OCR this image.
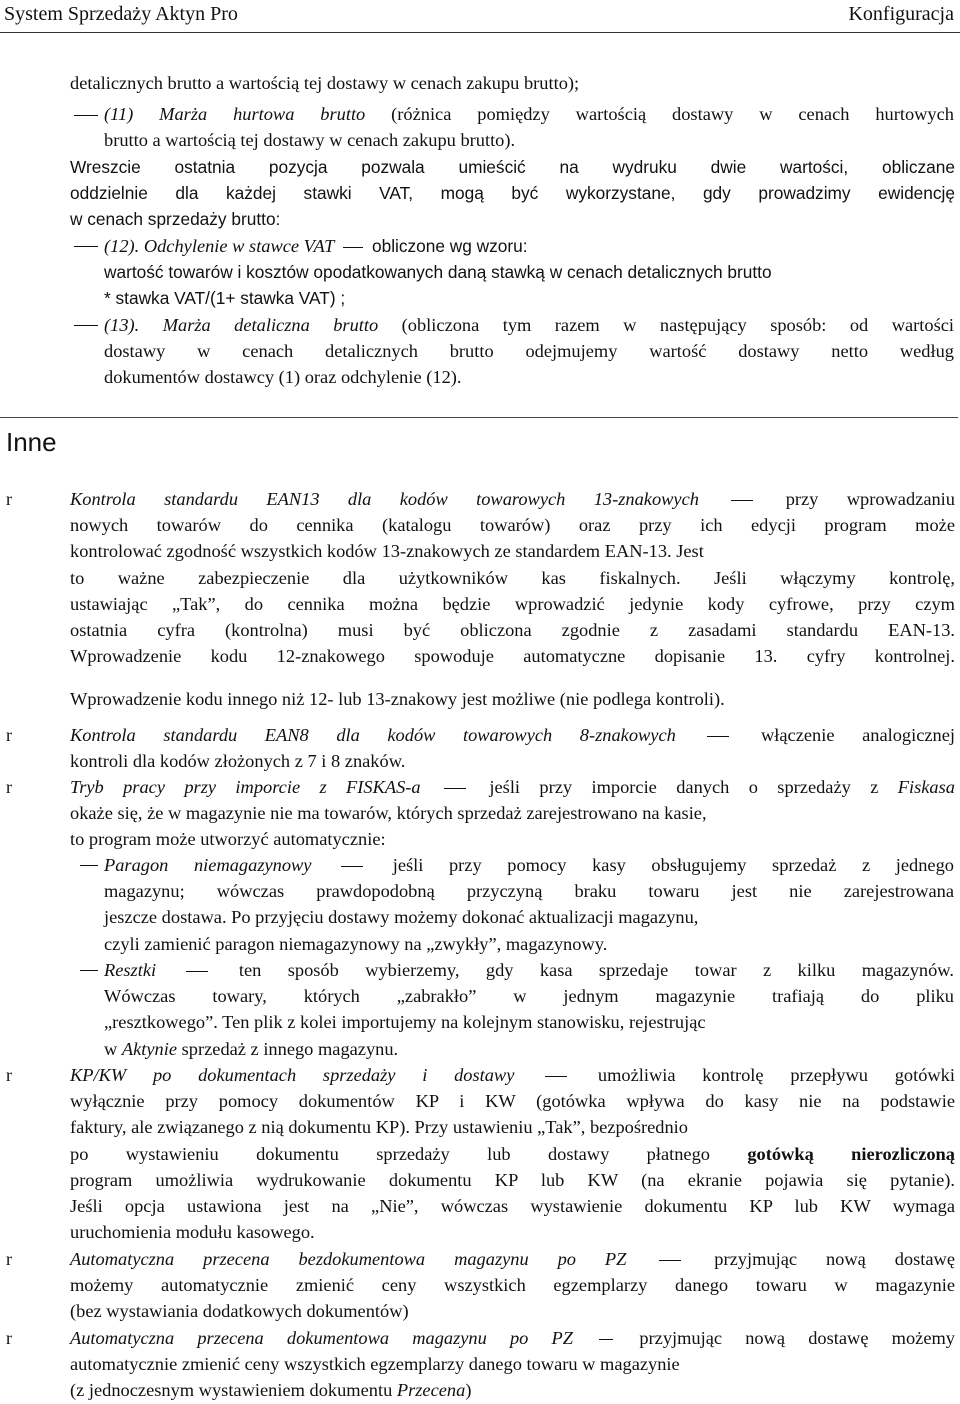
System Sprzedaży Aktyn Pro	Konfiguracja
detalicznych brutto a wartością tej dostawy w cenach zakupu brutto);
(11) Marża hurtowa brutto (różnica pomiędzy wartością dostawy w cenach hurtowych
brutto a wartością tej dostawy w cenach zakupu brutto).
Wreszcie ostatnia pozycja pozwala umieścić na wydruku dwie wartości, obliczane
oddzielnie dla każdej stawki VAT, mogą być wykorzystane, gdy prowadzimy ewidencję
w cenach sprzedaży brutto:
(12). Odchylenie w stawce VAT obliczone wg wzoru:
wartość towarów i kosztów opodatkowanych daną stawką w cenach detalicznych brutto
* stawka VAT/(1+ stawka VAT) ;
(13). Marża detaliczna brutto (obliczona tym razem w następujący sposób: od wartości
dostawy w cenach detalicznych brutto odejmujemy wartość dostawy netto według
dokumentów dostawcy (1) oraz odchylenie (12).
Inne
r	Kontrola standardu EAN13 dla kodów towarowych 13-znakowych	przy wprowadzaniu
nowych towarów do cennika (katalogu towarów) oraz przy ich edycji program może
kontrolować zgodność wszystkich kodów 13-znakowych ze standardem EAN-13. Jest
to ważne zabezpieczenie dla użytkowników kas fiskalnych. Jeśli włączymy kontrolę,
ustawiając „Tak”, do cennika można będzie wprowadzić jedynie kody cyfrowe, przy czym
ostatnia cyfra (kontrolna) musi być obliczona zgodnie z zasadami standardu EAN-13.
Wprowadzenie kodu 12-znakowego spowoduje automatyczne dopisanie 13. cyfry kontrolnej.
Wprowadzenie kodu innego niż 12- lub 13-znakowy jest możliwe (nie podlega kontroli).
r	Kontrola standardu EAN8 dla kodów towarowych 8-znakowych	włączenie analogicznej
kontroli dla kodów złożonych z 7 i 8 znaków.
r	Tryb pracy przy imporcie z FISKAS-a	jeśli przy imporcie danych o sprzedaży z Fiskasa
okaże się, że w magazynie nie ma towarów, których sprzedaż zarejestrowano na kasie,
to program może utworzyć automatycznie:
Paragon niemagazynowy	jeśli przy pomocy kasy obsługujemy sprzedaż z jednego
magazynu; wówczas prawdopodobną przyczyną braku towaru jest nie zarejestrowana
jeszcze dostawa. Po przyjęciu dostawy możemy dokonać aktualizacji magazynu,
czyli zamienić paragon niemagazynowy na „zwykły”, magazynowy.
Resztki	ten sposób wybierzemy, gdy kasa sprzedaje towar z kilku magazynów.
Wówczas towary, których „zabrakło” w jednym magazynie trafiają do pliku
„resztkowego”. Ten plik z kolei importujemy na kolejnym stanowisku, rejestrując
w Aktynie sprzedaż z innego magazynu.
r	KP/KW po dokumentach sprzedaży i dostawy	umożliwia kontrolę przepływu gotówki
wyłącznie przy pomocy dokumentów KP i KW (gotówka wpływa do kasy nie na podstawie
faktury, ale związanego z nią dokumentu KP). Przy ustawieniu „Tak”, bezpośrednio
po wystawieniu dokumentu sprzedaży lub dostawy płatnego gotówką nierozliczoną
program umożliwia wydrukowanie dokumentu KP lub KW (na ekranie pojawia się pytanie).
Jeśli opcja ustawiona jest na „Nie”, wówczas wystawienie dokumentu KP lub KW wymaga
uruchomienia modułu kasowego.
r	Automatyczna przecena bezdokumentowa magazynu po PZ	przyjmując nową dostawę
możemy automatycznie zmienić ceny wszystkich egzemplarzy danego towaru w magazynie
(bez wystawiania dodatkowych dokumentów)
r	Automatyczna przecena dokumentowa magazynu po PZ	przyjmując nową dostawę możemy
automatycznie zmienić ceny wszystkich egzemplarzy danego towaru w magazynie
(z jednoczesnym wystawieniem dokumentu Przecena)
